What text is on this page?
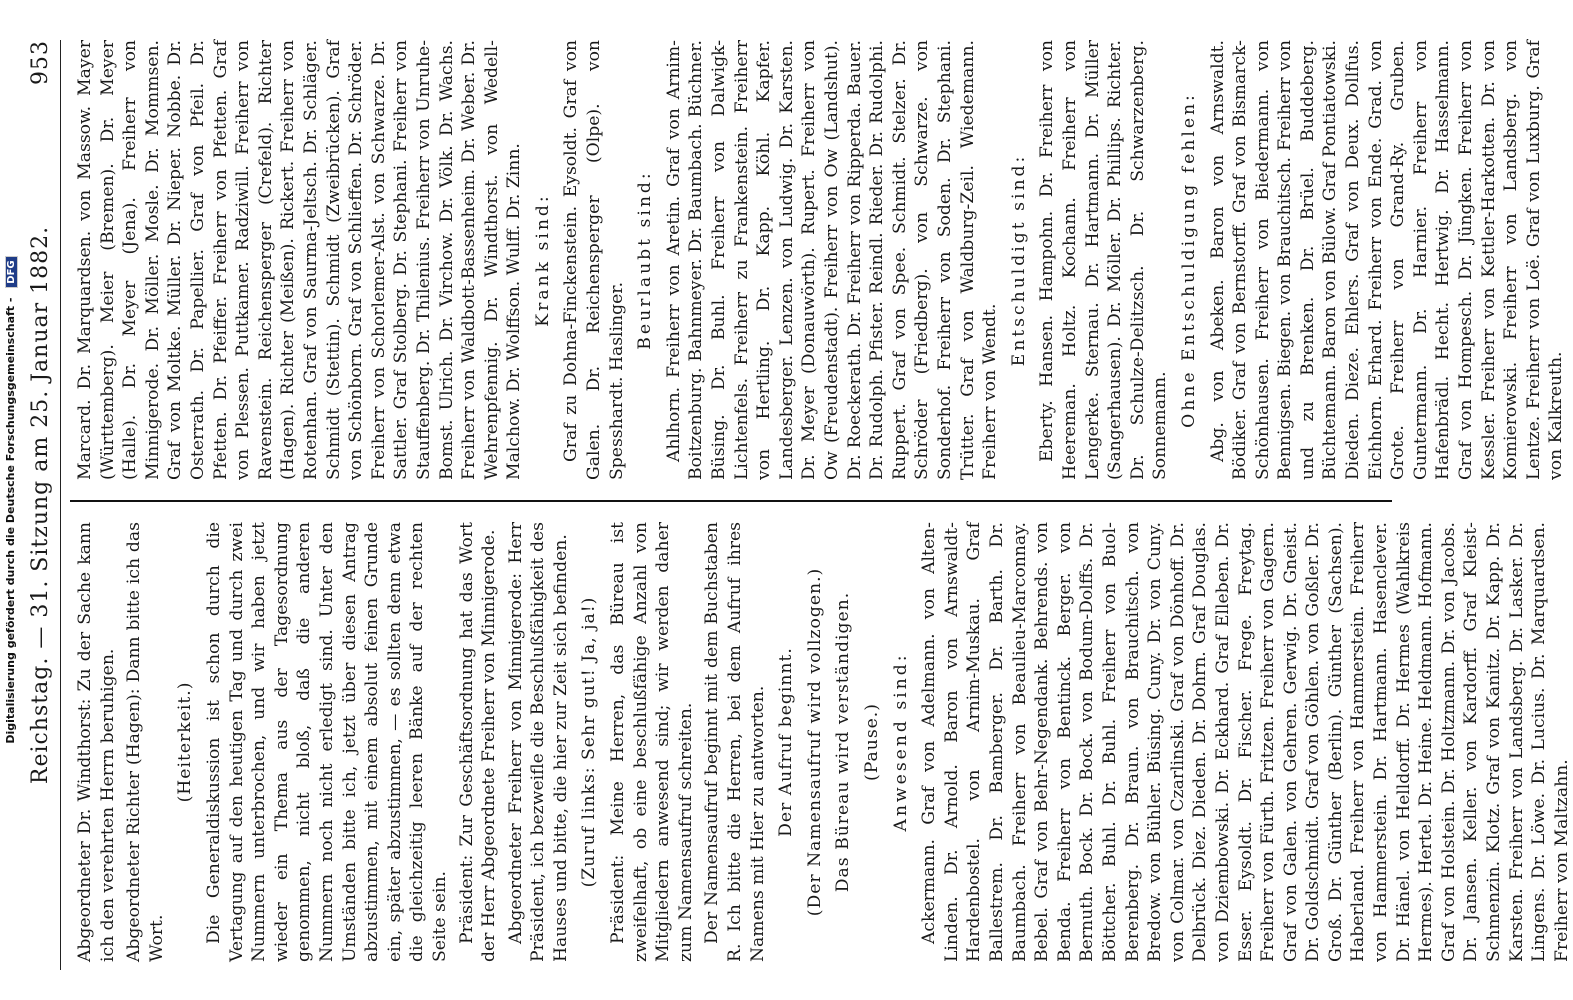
Reichstag. — 31. Sitzung am 25. Januar 1882.
953

Abgeordneter Dr. Windthorst: Zu der Sache kann ich den verehrten Herrn beruhigen. Abgeordneter Richter (Hagen): Dann bitte ich das Wort.

(Heiterkeit.) Die Generaldiskussion ist schon durch die Vertagung auf den heutigen Tag und durch zwei Nummern unterbrochen, und wir haben jetzt wieder ein Thema aus der Tagesordnung genommen, nicht bloß, daß die anderen Nummern noch nicht erledigt sind. Unter den Umständen bitte ich, jetzt über diesen Antrag abzustimmen, mit einem absolut feinen Grunde ein, später abzustimmen, — es sollten denn etwa die gleichzeitig leeren Bänke auf der rechten Seite sein. Präsident: Zur Geschäftsordnung hat das Wort der Herr Abgeordnete Freiherr von Minnigerode. Abgeordneter Freiherr von Minnigerode: Herr Präsident, ich bezweifle die Beschlußfähigkeit des Hauses und bitte, die hier zur Zeit sich befinden. (Zuruf links: Sehr gut! Ja, ja!) Präsident: Meine Herren, das Büreau ist zweifelhaft, ob eine beschlußfähige Anzahl von Mitgliedern anwesend sind; wir werden daher zum Namensaufruf schreiten. Der Namensaufruf beginnt mit dem Buchstaben R. Ich bitte die Herren, bei dem Aufruf ihres Namens mit Hier zu antworten. Der Aufruf beginnt. (Der Namensaufruf wird vollzogen.) Das Büreau wird verständigen. (Pause.) Anwesend sind: Ackermann. Graf von Adelmann. von Alten-Linden. Dr. Arnold. Baron von Arnswaldt-Hardenbostel. von Arnim-Muskau. Graf Ballestrem. Dr. Bamberger. Dr. Barth. Dr. Baumbach. Freiherr von Beaulieu-Marconnay. Bebel. Graf von Behr-Negendank. Behrends. von Benda. Freiherr von Bentinck. Berger. von Bernuth. Bock. Dr. Bock. von Bodum-Dolffs. Dr. Böttcher. Buhl. Dr. Buhl. Freiherr von Buol-Berenberg. Dr. Braun. von Brauchitsch. von Bredow. von Bühler. Büsing. Cuny. Dr. von Cuny. von Colmar. von Czarlinski. Graf von Dönhoff. Dr. Delbrück. Diez. Dieden. Dr. Dohrn. Graf Douglas. von Dziembowski. Dr. Eckhard. Graf Elleben. Dr. Esser. Eysoldt. Dr. Fischer. Frege. Freytag. Freiherr von Fürth. Fritzen. Freiherr von Gagern. Graf von Galen. von Gehren. Gerwig. Dr. Gneist. Dr. Goldschmidt. Graf von Göhlen. von Goßler. Dr. Groß. Dr. Günther (Berlin). Günther (Sachsen). Haberland. Freiherr von Hammerstein. Freiherr von Hammerstein. Dr. Hartmann. Hasenclever. Dr. Hänel. von Helldorff. Dr. Hermes (Wahlkreis Hermes). Hertel. Dr. Heine. Heldmann. Hofmann. Graf von Holstein. Dr. Holtzmann. Dr. von Jacobs. Dr. Jansen. Keller. von Kardorff. Graf Kleist-Schmenzin. Klotz. Graf von Kanitz. Dr. Kapp. Dr. Karsten. Freiherr von Landsberg. Dr. Lasker. Dr. Lingens. Dr. Löwe. Dr. Lucius. Dr. Marquardsen. Freiherr von Maltzahn.

Marcard. Dr. Marquardsen. von Massow. Mayer (Württemberg). Meier (Bremen). Dr. Meyer (Halle). Dr. Meyer (Jena). Freiherr von Minnigerode. Dr. Möller. Mosle. Dr. Mommsen. Graf von Moltke. Müller. Dr. Nieper. Nobbe. Dr. Osterrath. Dr. Papellier. Graf von Pfeil. Dr. Pfetten. Dr. Pfeiffer. Freiherr von Pfetten. Graf von Plessen. Puttkamer. Radziwill. Freiherr von Ravenstein. Reichensperger (Crefeld). Richter (Hagen). Richter (Meißen). Rickert. Freiherr von Rotenhan. Graf von Saurma-Jeltsch. Dr. Schläger. Schmidt (Stettin). Schmidt (Zweibrücken). Graf von Schönborn. Graf von Schlieffen. Dr. Schröder. Freiherr von Schorlemer-Alst. von Schwarze. Dr. Sattler. Graf Stolberg. Dr. Stephani. Freiherr von Stauffenberg. Dr. Thilenius. Freiherr von Unruhe-Bomst. Ulrich. Dr. Virchow. Dr. Völk. Dr. Wachs. Freiherr von Waldbott-Bassenheim. Dr. Weber. Dr. Wehrenpfennig. Dr. Windthorst. von Wedell-Malchow. Dr. Wolffson. Wulff. Dr. Zinn. Krank sind: Graf zu Dohna-Finckenstein. Eysoldt. Graf von Galen. Dr. Reichensperger (Olpe). von Spesshardt. Haslinger.

Beurlaubt sind: Ahlhorn. Freiherr von Aretin. Graf von Arnim-Boitzenburg. Bahnmeyer. Dr. Baumbach. Büchner. Büsing. Dr. Buhl. Freiherr von Dalwigk-Lichtenfels. Freiherr zu Frankenstein. Freiherr von Hertling. Dr. Kapp. Köhl. Kapfer. Landesberger. Lenzen. von Ludwig. Dr. Karsten. Dr. Meyer (Donauwörth). Rupert. Freiherr von Ow (Freudenstadt). Freiherr von Ow (Landshut). Dr. Roeckerath. Dr. Freiherr von Ripperda. Bauer. Dr. Rudolph. Pfister. Reindl. Rieder. Dr. Rudolphi. Ruppert. Graf von Spee. Schmidt. Stelzer. Dr. Schröder (Friedberg). von Schwarze. von Sonderhof. Freiherr von Soden. Dr. Stephani. Trütter. Graf von Waldburg-Zeil. Wiedemann. Freiherr von Wendt.

Entschuldigt sind: Eberty. Hansen. Hampohn. Dr. Freiherr von Heereman. Holtz. Kochann. Freiherr von Lengerke. Sternau. Dr. Hartmann. Dr. Müller (Sangerhausen). Dr. Möller. Dr. Phillips. Richter. Dr. Schulze-Delitzsch. Dr. Schwarzenberg. Sonnemann. Ohne Entschuldigung fehlen: Abg. von Abeken. Baron von Arnswaldt. Bödiker. Graf von Bernstorff. Graf von Bismarck-Schönhausen. Freiherr von Biedermann. von Bennigsen. Biegen. von Brauchitsch. Freiherr von und zu Brenken. Dr. Brüel. Buddeberg. Büchtemann. Baron von Bülow. Graf Pontiatowski. Dieden. Dieze. Ehlers. Graf von Deux. Dollfus. Eichhorn. Erhard. Freiherr von Ende. Grad. von Grote. Freiherr von Grand-Ry. Gruben. Guntermann. Dr. Harnier. Freiherr von Hafenbrädl. Hecht. Hertwig. Dr. Hasselmann. Graf von Hompesch. Dr. Jüngken. Freiherr von Kessler. Freiherr von Kettler-Harkotten. Dr. von Komierowski. Freiherr von Landsberg. von Lentze. Freiherr von Loë. Graf von Luxburg. Graf von Kalkreuth.

Digitalisierung gefördert durch die Deutsche Forschungsgemeinschaft - DFG
